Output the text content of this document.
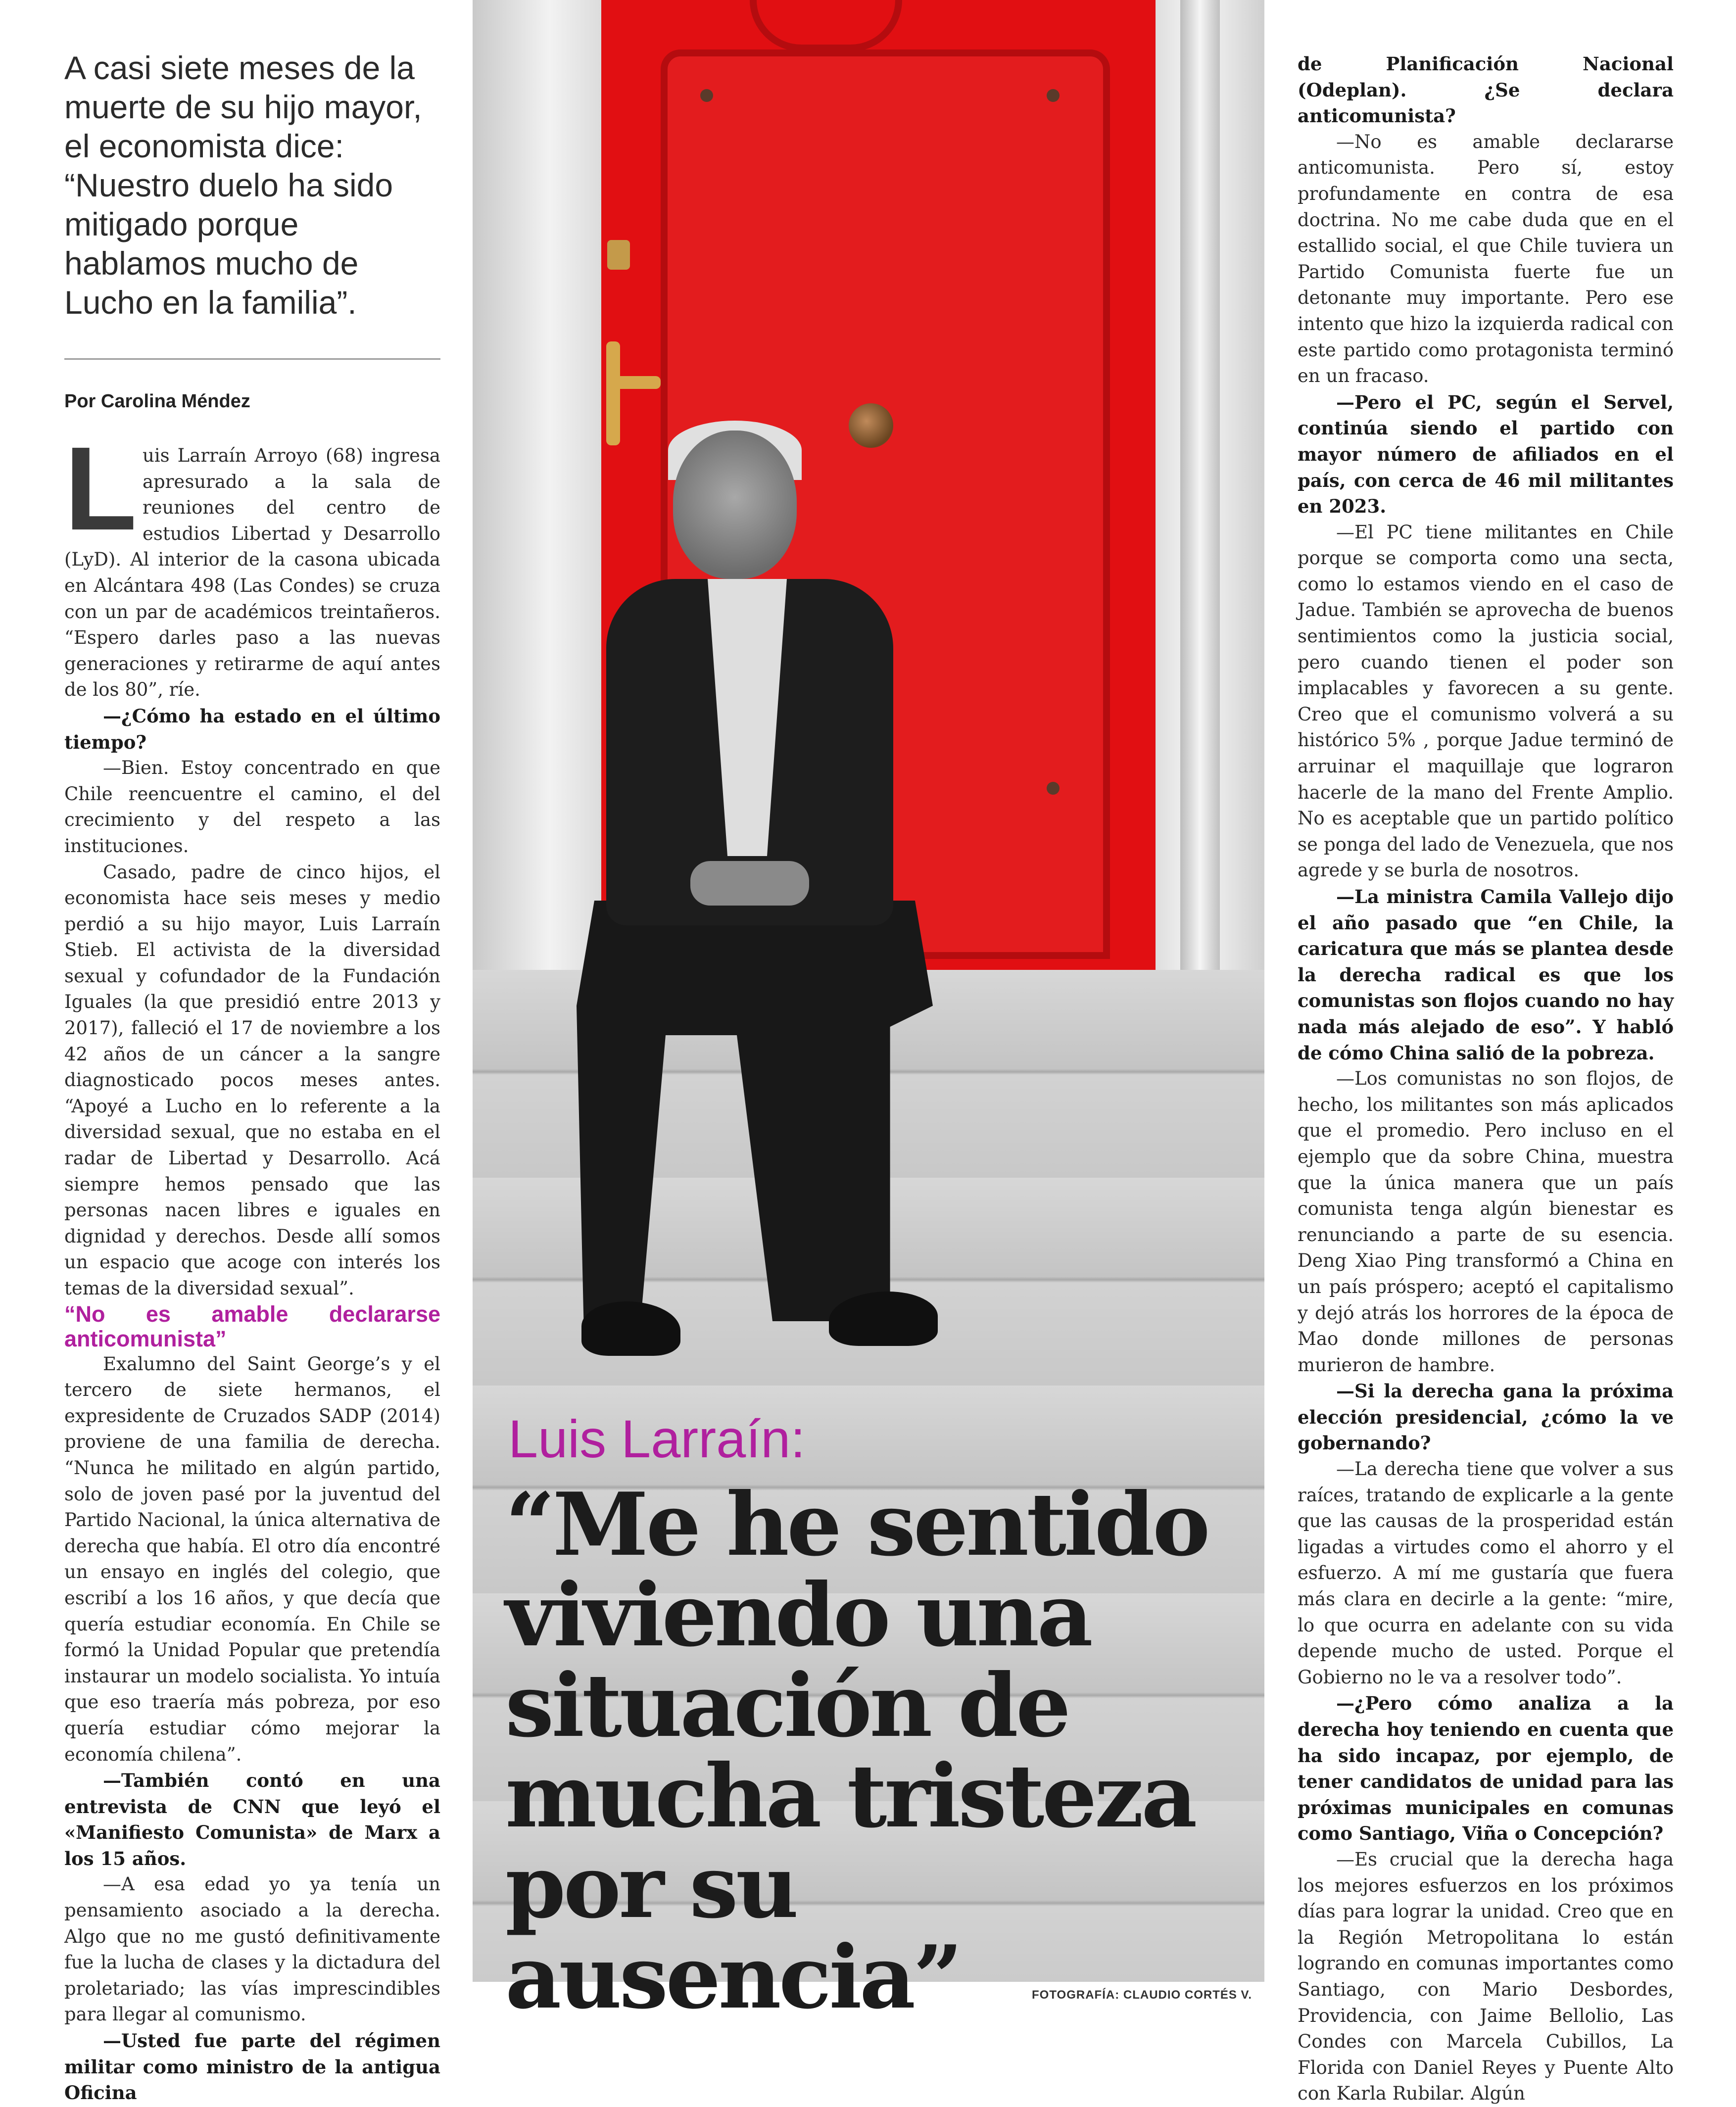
A casi siete meses de la
muerte de su hijo mayor,
el economista dice:
“Nuestro duelo ha sido
mitigado porque
hablamos mucho de
Lucho en la familia”.
Por Carolina Méndez

L uis Larraín Arroyo (68) ingresa apresurado a la sala de reuniones del centro de estudios Libertad y Desarrollo (LyD). Al interior de la casona ubicada en Alcántara 498 (Las Condes) se cruza con un par de académicos treintañeros. “Espero darles paso a las nuevas generaciones y retirarme de aquí antes de los 80”, ríe.

—¿Cómo ha estado en el último tiempo?

—Bien. Estoy concentrado en que Chile reencuentre el camino, el del crecimiento y del respeto a las instituciones.

Casado, padre de cinco hijos, el economista hace seis meses y medio perdió a su hijo mayor, Luis Larraín Stieb. El activista de la diversidad sexual y cofundador de la Fundación Iguales (la que presidió entre 2013 y 2017), falleció el 17 de noviembre a los 42 años de un cáncer a la sangre diagnosticado pocos meses antes. “Apoyé a Lucho en lo referente a la diversidad sexual, que no estaba en el radar de Libertad y Desarrollo. Acá siempre hemos pensado que las personas nacen libres e iguales en dignidad y derechos. Desde allí somos un espacio que acoge con interés los temas de la diversidad sexual”.

“No es amable declararse anticomunista”

Exalumno del Saint George’s y el tercero de siete hermanos, el expresidente de Cruzados SADP (2014) proviene de una familia de derecha. “Nunca he militado en algún partido, solo de joven pasé por la juventud del Partido Nacional, la única alternativa de derecha que había. El otro día encontré un ensayo en inglés del colegio, que escribí a los 16 años, y que decía que quería estudiar economía. En Chile se formó la Unidad Popular que pretendía instaurar un modelo socialista. Yo intuía que eso traería más pobreza, por eso quería estudiar cómo mejorar la economía chilena”.

—También contó en una entrevista de CNN que leyó el «Manifiesto Comunista» de Marx a los 15 años.

—A esa edad yo ya tenía un pensamiento asociado a la derecha. Algo que no me gustó definitivamente fue la lucha de clases y la dictadura del proletariado; las vías imprescindibles para llegar al comunismo.

—Usted fue parte del régimen militar como ministro de la antigua Oficina

Luis Larraín:
“Me he sentido
viviendo una
situación de
mucha tristeza
por su ausencia”	FOTOGRAFÍA: CLAUDIO CORTÉS V.

de Planificación Nacional (Odeplan). ¿Se declara anticomunista?

—No es amable declararse anticomunista. Pero sí, estoy profundamente en contra de esa doctrina. No me cabe duda que en el estallido social, el que Chile tuviera un Partido Comunista fuerte fue un detonante muy importante. Pero ese intento que hizo la izquierda radical con este partido como protagonista terminó en un fracaso.

—Pero el PC, según el Servel, continúa siendo el partido con mayor número de afiliados en el país, con cerca de 46 mil militantes en 2023.

—El PC tiene militantes en Chile porque se comporta como una secta, como lo estamos viendo en el caso de Jadue. También se aprovecha de buenos sentimientos como la justicia social, pero cuando tienen el poder son implacables y favorecen a su gente. Creo que el comunismo volverá a su histórico 5% , porque Jadue terminó de arruinar el maquillaje que lograron hacerle de la mano del Frente Amplio. No es aceptable que un partido político se ponga del lado de Venezuela, que nos agrede y se burla de nosotros.

—La ministra Camila Vallejo dijo el año pasado que “en Chile, la caricatura que más se plantea desde la derecha radical es que los comunistas son flojos cuando no hay nada más alejado de eso”. Y habló de cómo China salió de la pobreza.

—Los comunistas no son flojos, de hecho, los militantes son más aplicados que el promedio. Pero incluso en el ejemplo que da sobre China, muestra que la única manera que un país comunista tenga algún bienestar es renunciando a parte de su esencia. Deng Xiao Ping transformó a China en un país próspero; aceptó el capitalismo y dejó atrás los horrores de la época de Mao donde millones de personas murieron de hambre.

—Si la derecha gana la próxima elección presidencial, ¿cómo la ve gobernando?

—La derecha tiene que volver a sus raíces, tratando de explicarle a la gente que las causas de la prosperidad están ligadas a virtudes como el ahorro y el esfuerzo. A mí me gustaría que fuera más clara en decirle a la gente: “mire, lo que ocurra en adelante con su vida depende mucho de usted. Porque el Gobierno no le va a resolver todo”.

—¿Pero cómo analiza a la derecha hoy teniendo en cuenta que ha sido incapaz, por ejemplo, de tener candidatos de unidad para las próximas municipales en comunas como Santiago, Viña o Concepción?

—Es crucial que la derecha haga los mejores esfuerzos en los próximos días para lograr la unidad. Creo que en la Región Metropolitana lo están logrando en comunas importantes como Santiago, con Mario Desbordes, Providencia, con Jaime Bellolio, Las Condes con Marcela Cubillos, La Florida con Daniel Reyes y Puente Alto con Karla Rubilar. Algún
